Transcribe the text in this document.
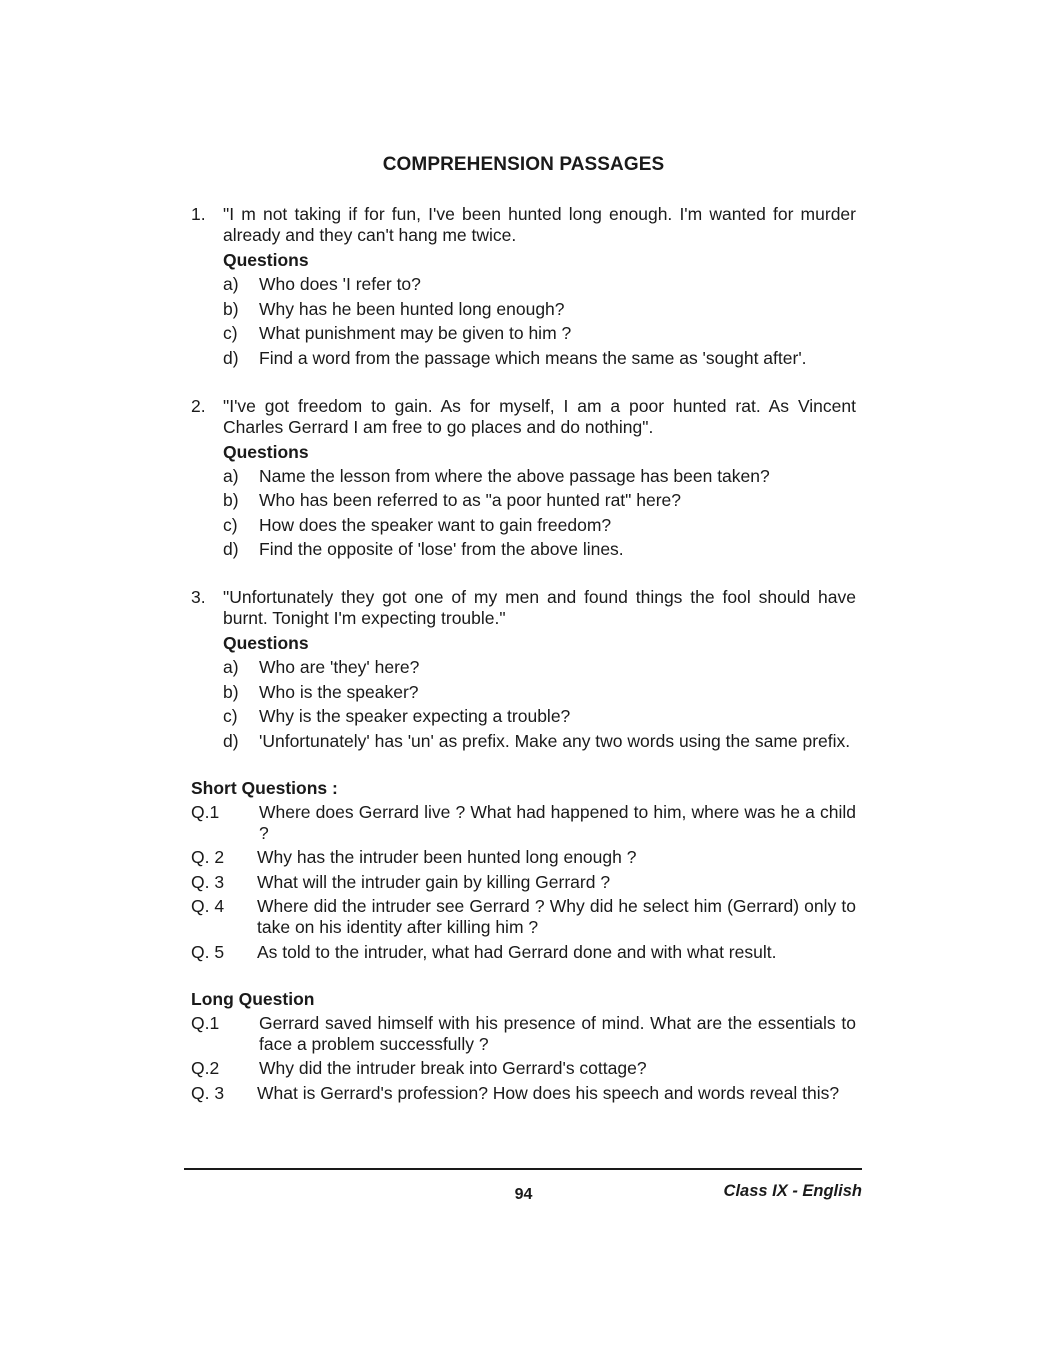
COMPREHENSION PASSAGES
1. "I m not taking if for fun, I've been hunted long enough. I'm wanted for murder already and they can't hang me twice.
Questions
a) Who does 'I refer to?
b) Why has he been hunted long enough?
c) What punishment may be given to him ?
d) Find a word from the passage which means the same as 'sought after'.
2. "I've got freedom to gain. As for myself, I am a poor hunted rat. As Vincent Charles Gerrard I am free to go places and do nothing".
Questions
a) Name the lesson from where the above passage has been taken?
b) Who has been referred to as "a poor hunted rat" here?
c) How does the speaker want to gain freedom?
d) Find the opposite of 'lose' from the above lines.
3. "Unfortunately they got one of my men and found things the fool should have burnt. Tonight I'm expecting trouble."
Questions
a) Who are 'they' here?
b) Who is the speaker?
c) Why is the speaker expecting a trouble?
d) 'Unfortunately' has 'un' as prefix. Make any two words using the same prefix.
Short Questions :
Q.1 Where does Gerrard live ? What had happened to him, where was he a child ?
Q. 2 Why has the intruder been hunted long enough ?
Q. 3 What will the intruder gain by killing Gerrard ?
Q. 4 Where did the intruder see Gerrard ? Why did he select him (Gerrard) only to take on his identity after killing him ?
Q. 5 As told to the intruder, what had Gerrard done and with what result.
Long Question
Q.1 Gerrard saved himself with his presence of mind. What are the essentials to face a problem successfully ?
Q.2 Why did the intruder break into Gerrard's cottage?
Q. 3 What is Gerrard's profession? How does his speech and words reveal this?
94	Class IX - English
